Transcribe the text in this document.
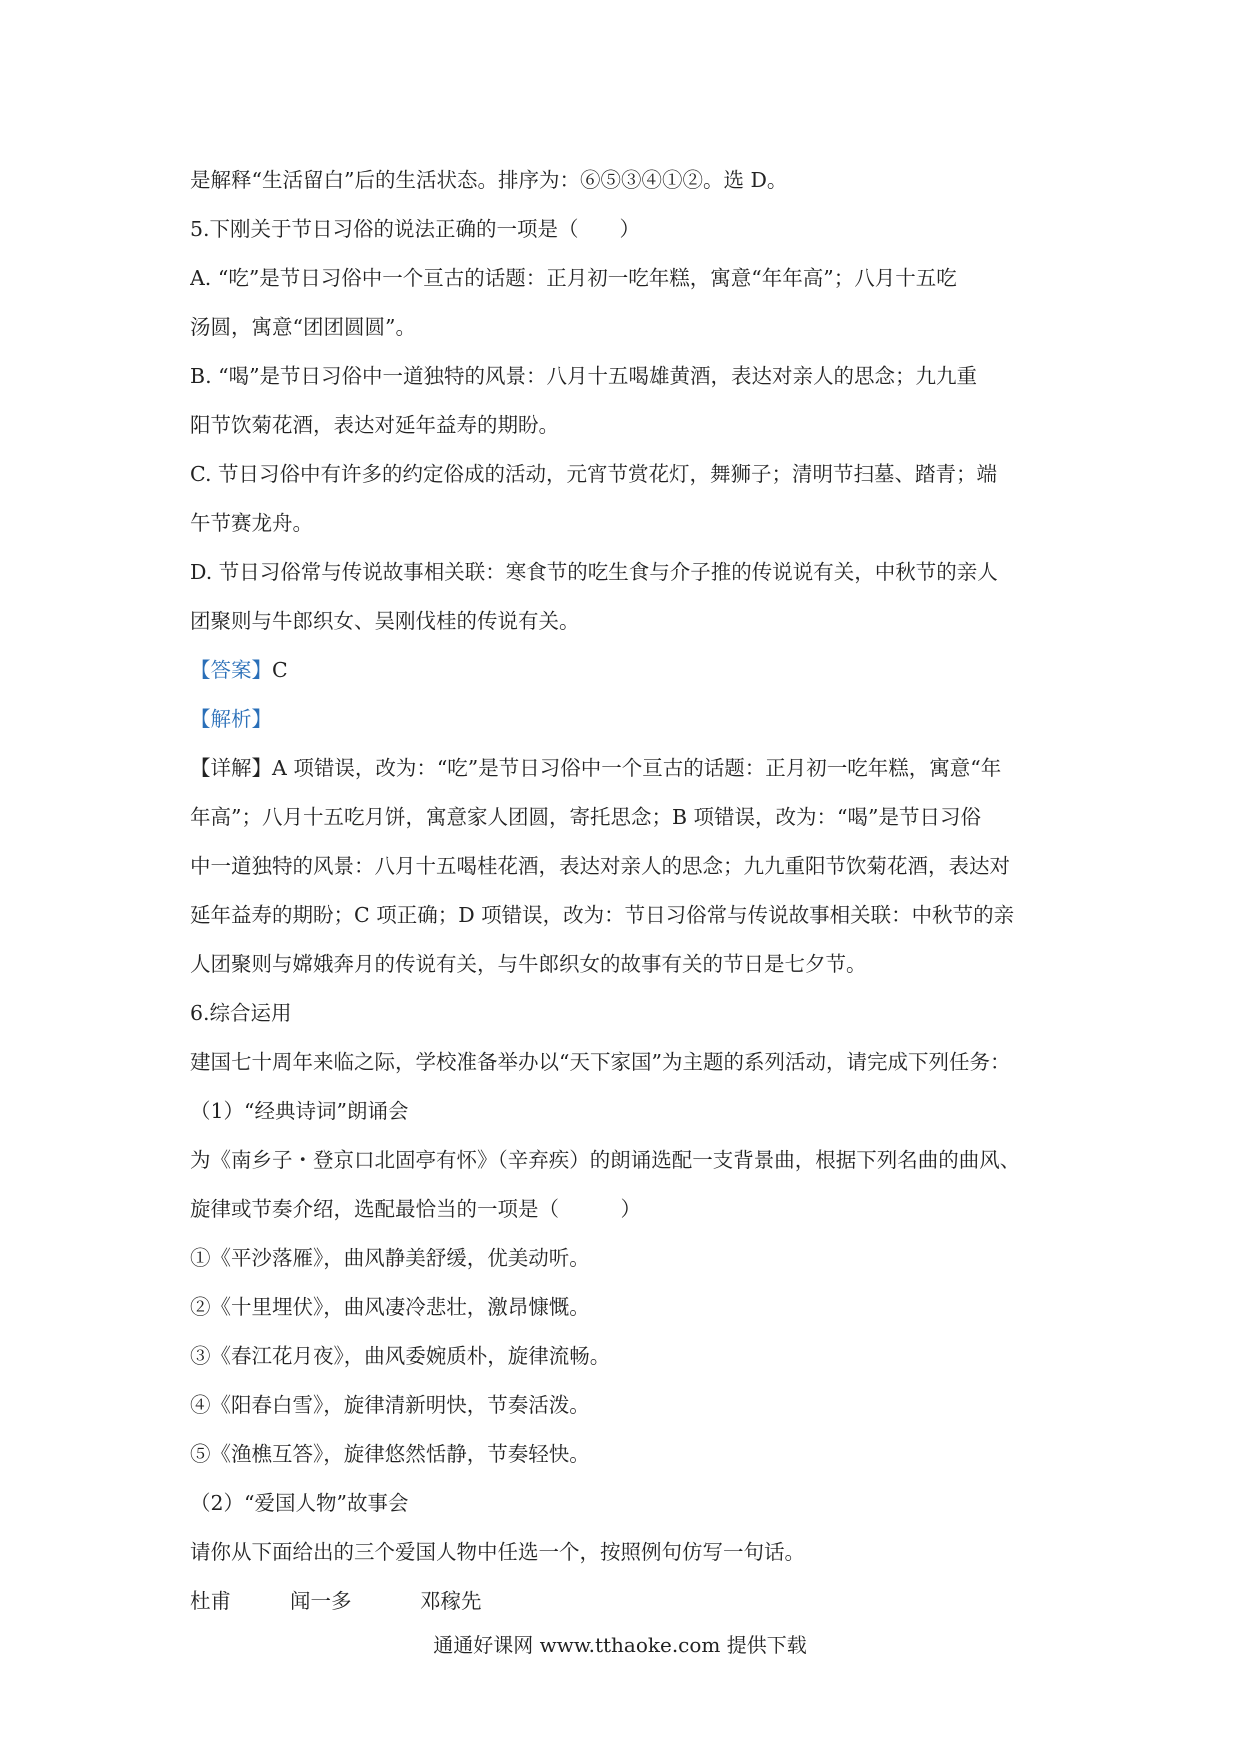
是解释“生活留白”后的生活状态。排序为：⑥⑤③④①②。选 D。
5.下刚关于节日习俗的说法正确的一项是（　　）
A. “吃”是节日习俗中一个亘古的话题：正月初一吃年糕，寓意“年年高”；八月十五吃
汤圆，寓意“团团圆圆”。
B. “喝”是节日习俗中一道独特的风景：八月十五喝雄黄酒，表达对亲人的思念；九九重
阳节饮菊花酒，表达对延年益寿的期盼。
C. 节日习俗中有许多的约定俗成的活动，元宵节赏花灯，舞狮子；清明节扫墓、踏青；端
午节赛龙舟。
D. 节日习俗常与传说故事相关联：寒食节的吃生食与介子推的传说说有关，中秋节的亲人
团聚则与牛郎织女、吴刚伐桂的传说有关。
【答案】C
【解析】
【详解】A 项错误，改为：“吃”是节日习俗中一个亘古的话题：正月初一吃年糕，寓意“年
年高”；八月十五吃月饼，寓意家人团圆，寄托思念；B 项错误，改为：“喝”是节日习俗
中一道独特的风景：八月十五喝桂花酒，表达对亲人的思念；九九重阳节饮菊花酒，表达对
延年益寿的期盼；C 项正确；D 项错误，改为：节日习俗常与传说故事相关联：中秋节的亲
人团聚则与嫦娥奔月的传说有关，与牛郎织女的故事有关的节日是七夕节。
6.综合运用
建国七十周年来临之际，学校准备举办以“天下家国”为主题的系列活动，请完成下列任务：
（1）“经典诗词”朗诵会
为《南乡子・登京口北固亭有怀》（辛弃疾）的朗诵选配一支背景曲，根据下列名曲的曲风、
旋律或节奏介绍，选配最恰当的一项是（　　　）
①《平沙落雁》，曲风静美舒缓，优美动听。
②《十里埋伏》，曲风凄冷悲壮，激昂慷慨。
③《春江花月夜》，曲风委婉质朴，旋律流畅。
④《阳春白雪》，旋律清新明快，节奏活泼。
⑤《渔樵互答》，旋律悠然恬静，节奏轻快。
（2）“爱国人物”故事会
请你从下面给出的三个爱国人物中任选一个，按照例句仿写一句话。
杜甫	闻一多	邓稼先
通通好课网 www.tthaoke.com 提供下载
